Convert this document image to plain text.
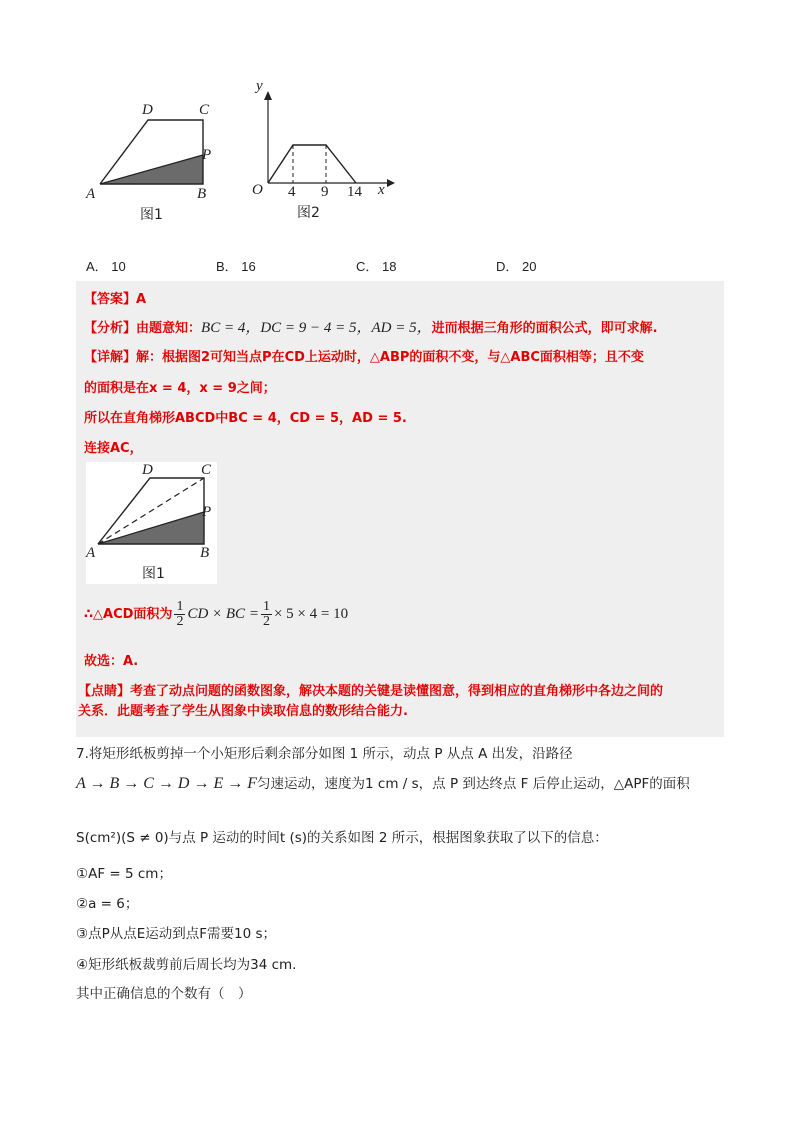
D	C
P
A	B
图1
y
x
O 4 9 14
图2
A． 10	B． 16	C． 18	D． 20
【答案】A
【分析】由题意知：BC = 4，DC = 9 − 4 = 5，AD = 5，进而根据三角形的面积公式，即可求解.
【详解】解：根据图2可知当点P在CD上运动时，△ABP的面积不变，与△ABC面积相等；且不变
的面积是在x = 4，x = 9之间；
所以在直角梯形ABCD中BC = 4，CD = 5，AD = 5.
连接AC，
D	C
P
A	B
图1
∴△ACD面积为 $\frac{1}{2}$ CD × BC = $\frac{1}{2} \times 5 \times 4 = 10$
故选：A.
【点睛】考查了动点问题的函数图象，解决本题的关键是读懂图意，得到相应的直角梯形中各边之间的
关系．此题考查了学生从图象中读取信息的数形结合能力.
7.将矩形纸板剪掉一个小矩形后剩余部分如图 1 所示，动点 P 从点 A 出发，沿路径
A → B → C → D → E → F匀速运动，速度为1 cm / s，点 P 到达终点 F 后停止运动，△APF的面积
S(cm²)(S ≠ 0)与点 P 运动的时间t (s)的关系如图 2 所示，根据图象获取了以下的信息：
①AF = 5 cm；
②a = 6；
③点P从点E运动到点F需要10 s；
④矩形纸板裁剪前后周长均为34 cm.
其中正确信息的个数有（　）
